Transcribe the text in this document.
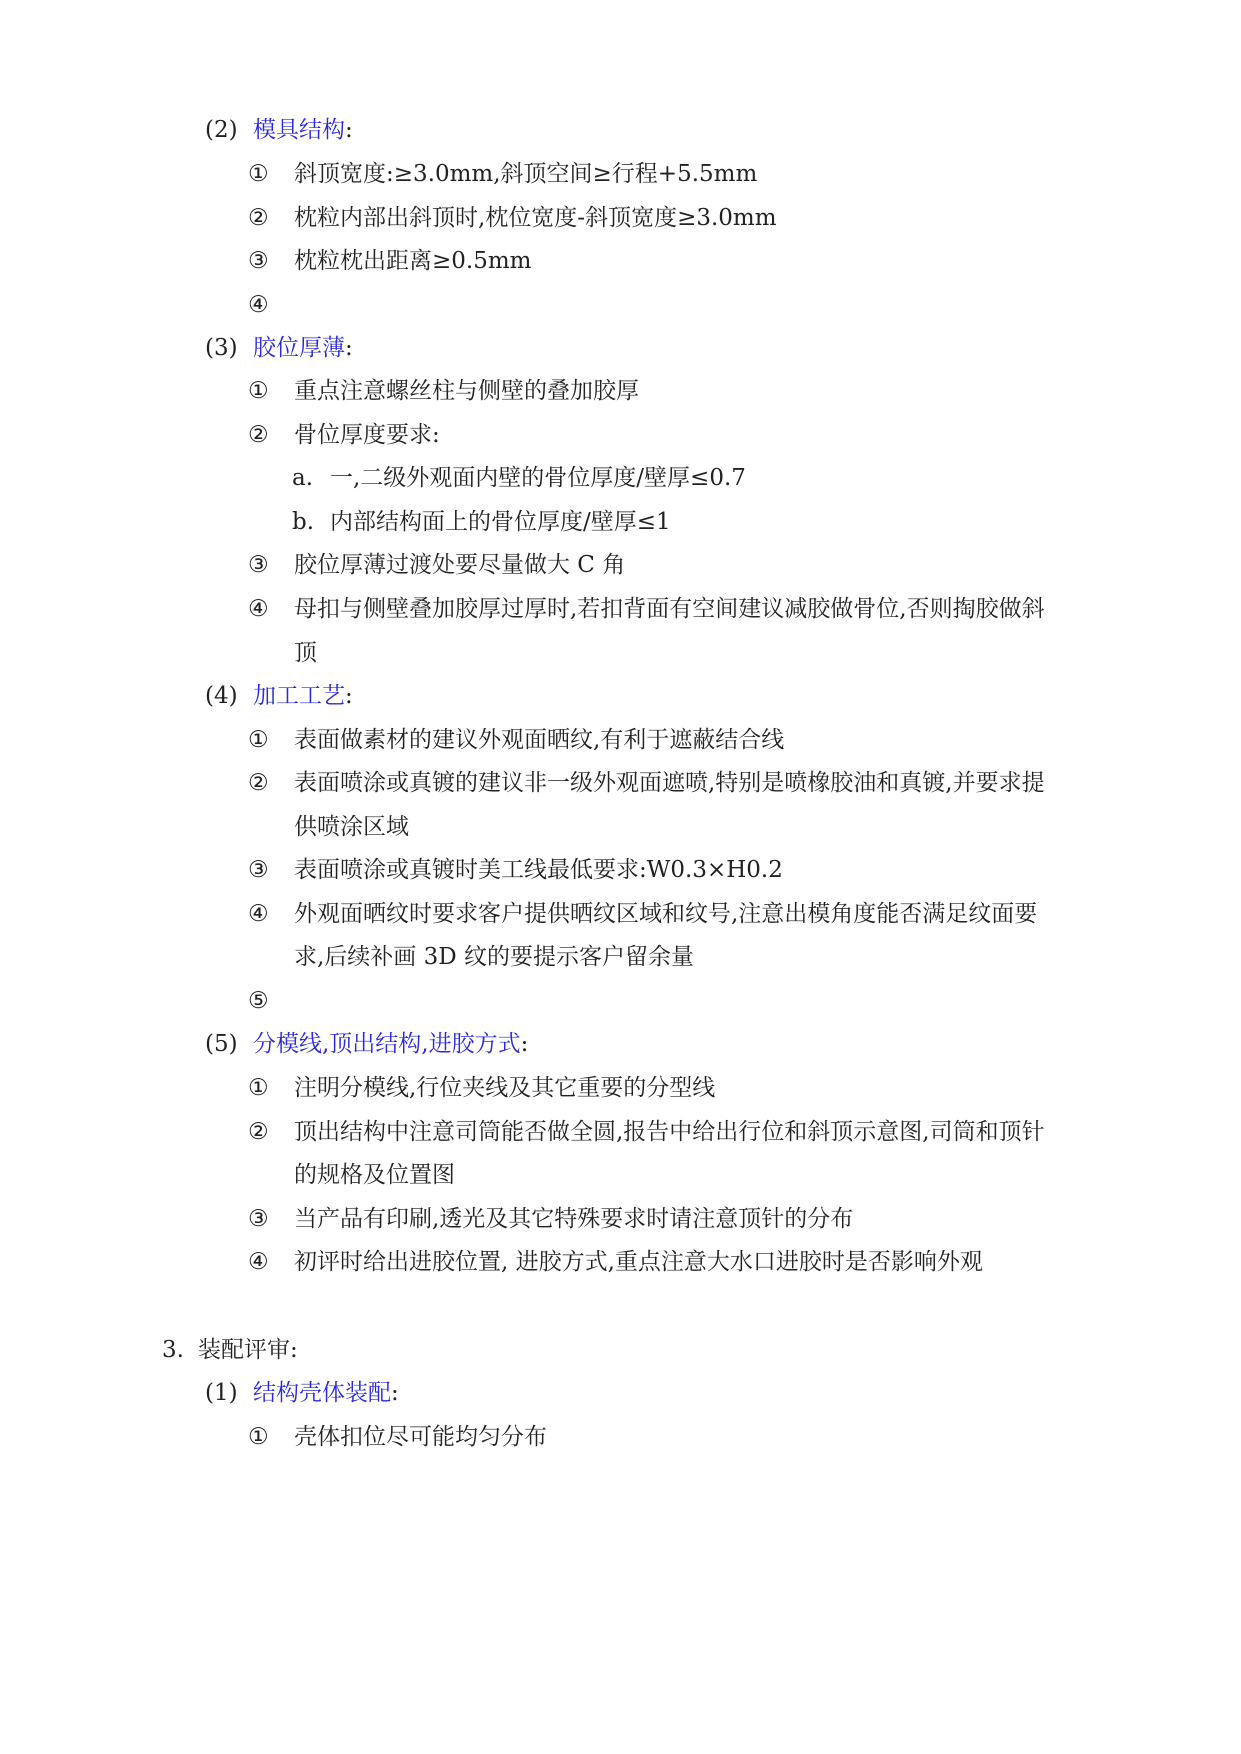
(2) 模具结构:
① 斜顶宽度:≥3.0mm,斜顶空间≥行程+5.5mm
② 枕粒内部出斜顶时,枕位宽度-斜顶宽度≥3.0mm
③ 枕粒枕出距离≥0.5mm
④
(3) 胶位厚薄:
① 重点注意螺丝柱与侧壁的叠加胶厚
② 骨位厚度要求:
a. 一,二级外观面内壁的骨位厚度/壁厚≤0.7
b. 内部结构面上的骨位厚度/壁厚≤1
③ 胶位厚薄过渡处要尽量做大 C 角
④ 母扣与侧壁叠加胶厚过厚时,若扣背面有空间建议减胶做骨位,否则掏胶做斜
顶
(4) 加工工艺:
① 表面做素材的建议外观面晒纹,有利于遮蔽结合线
② 表面喷涂或真镀的建议非一级外观面遮喷,特别是喷橡胶油和真镀,并要求提
供喷涂区域
③ 表面喷涂或真镀时美工线最低要求:W0.3×H0.2
④ 外观面晒纹时要求客户提供晒纹区域和纹号,注意出模角度能否满足纹面要
求,后续补画 3D 纹的要提示客户留余量
⑤
(5) 分模线,顶出结构,进胶方式:
① 注明分模线,行位夹线及其它重要的分型线
② 顶出结构中注意司筒能否做全圆,报告中给出行位和斜顶示意图,司筒和顶针
的规格及位置图
③ 当产品有印刷,透光及其它特殊要求时请注意顶针的分布
④ 初评时给出进胶位置, 进胶方式,重点注意大水口进胶时是否影响外观
3. 装配评审:
(1) 结构壳体装配:
① 壳体扣位尽可能均匀分布
